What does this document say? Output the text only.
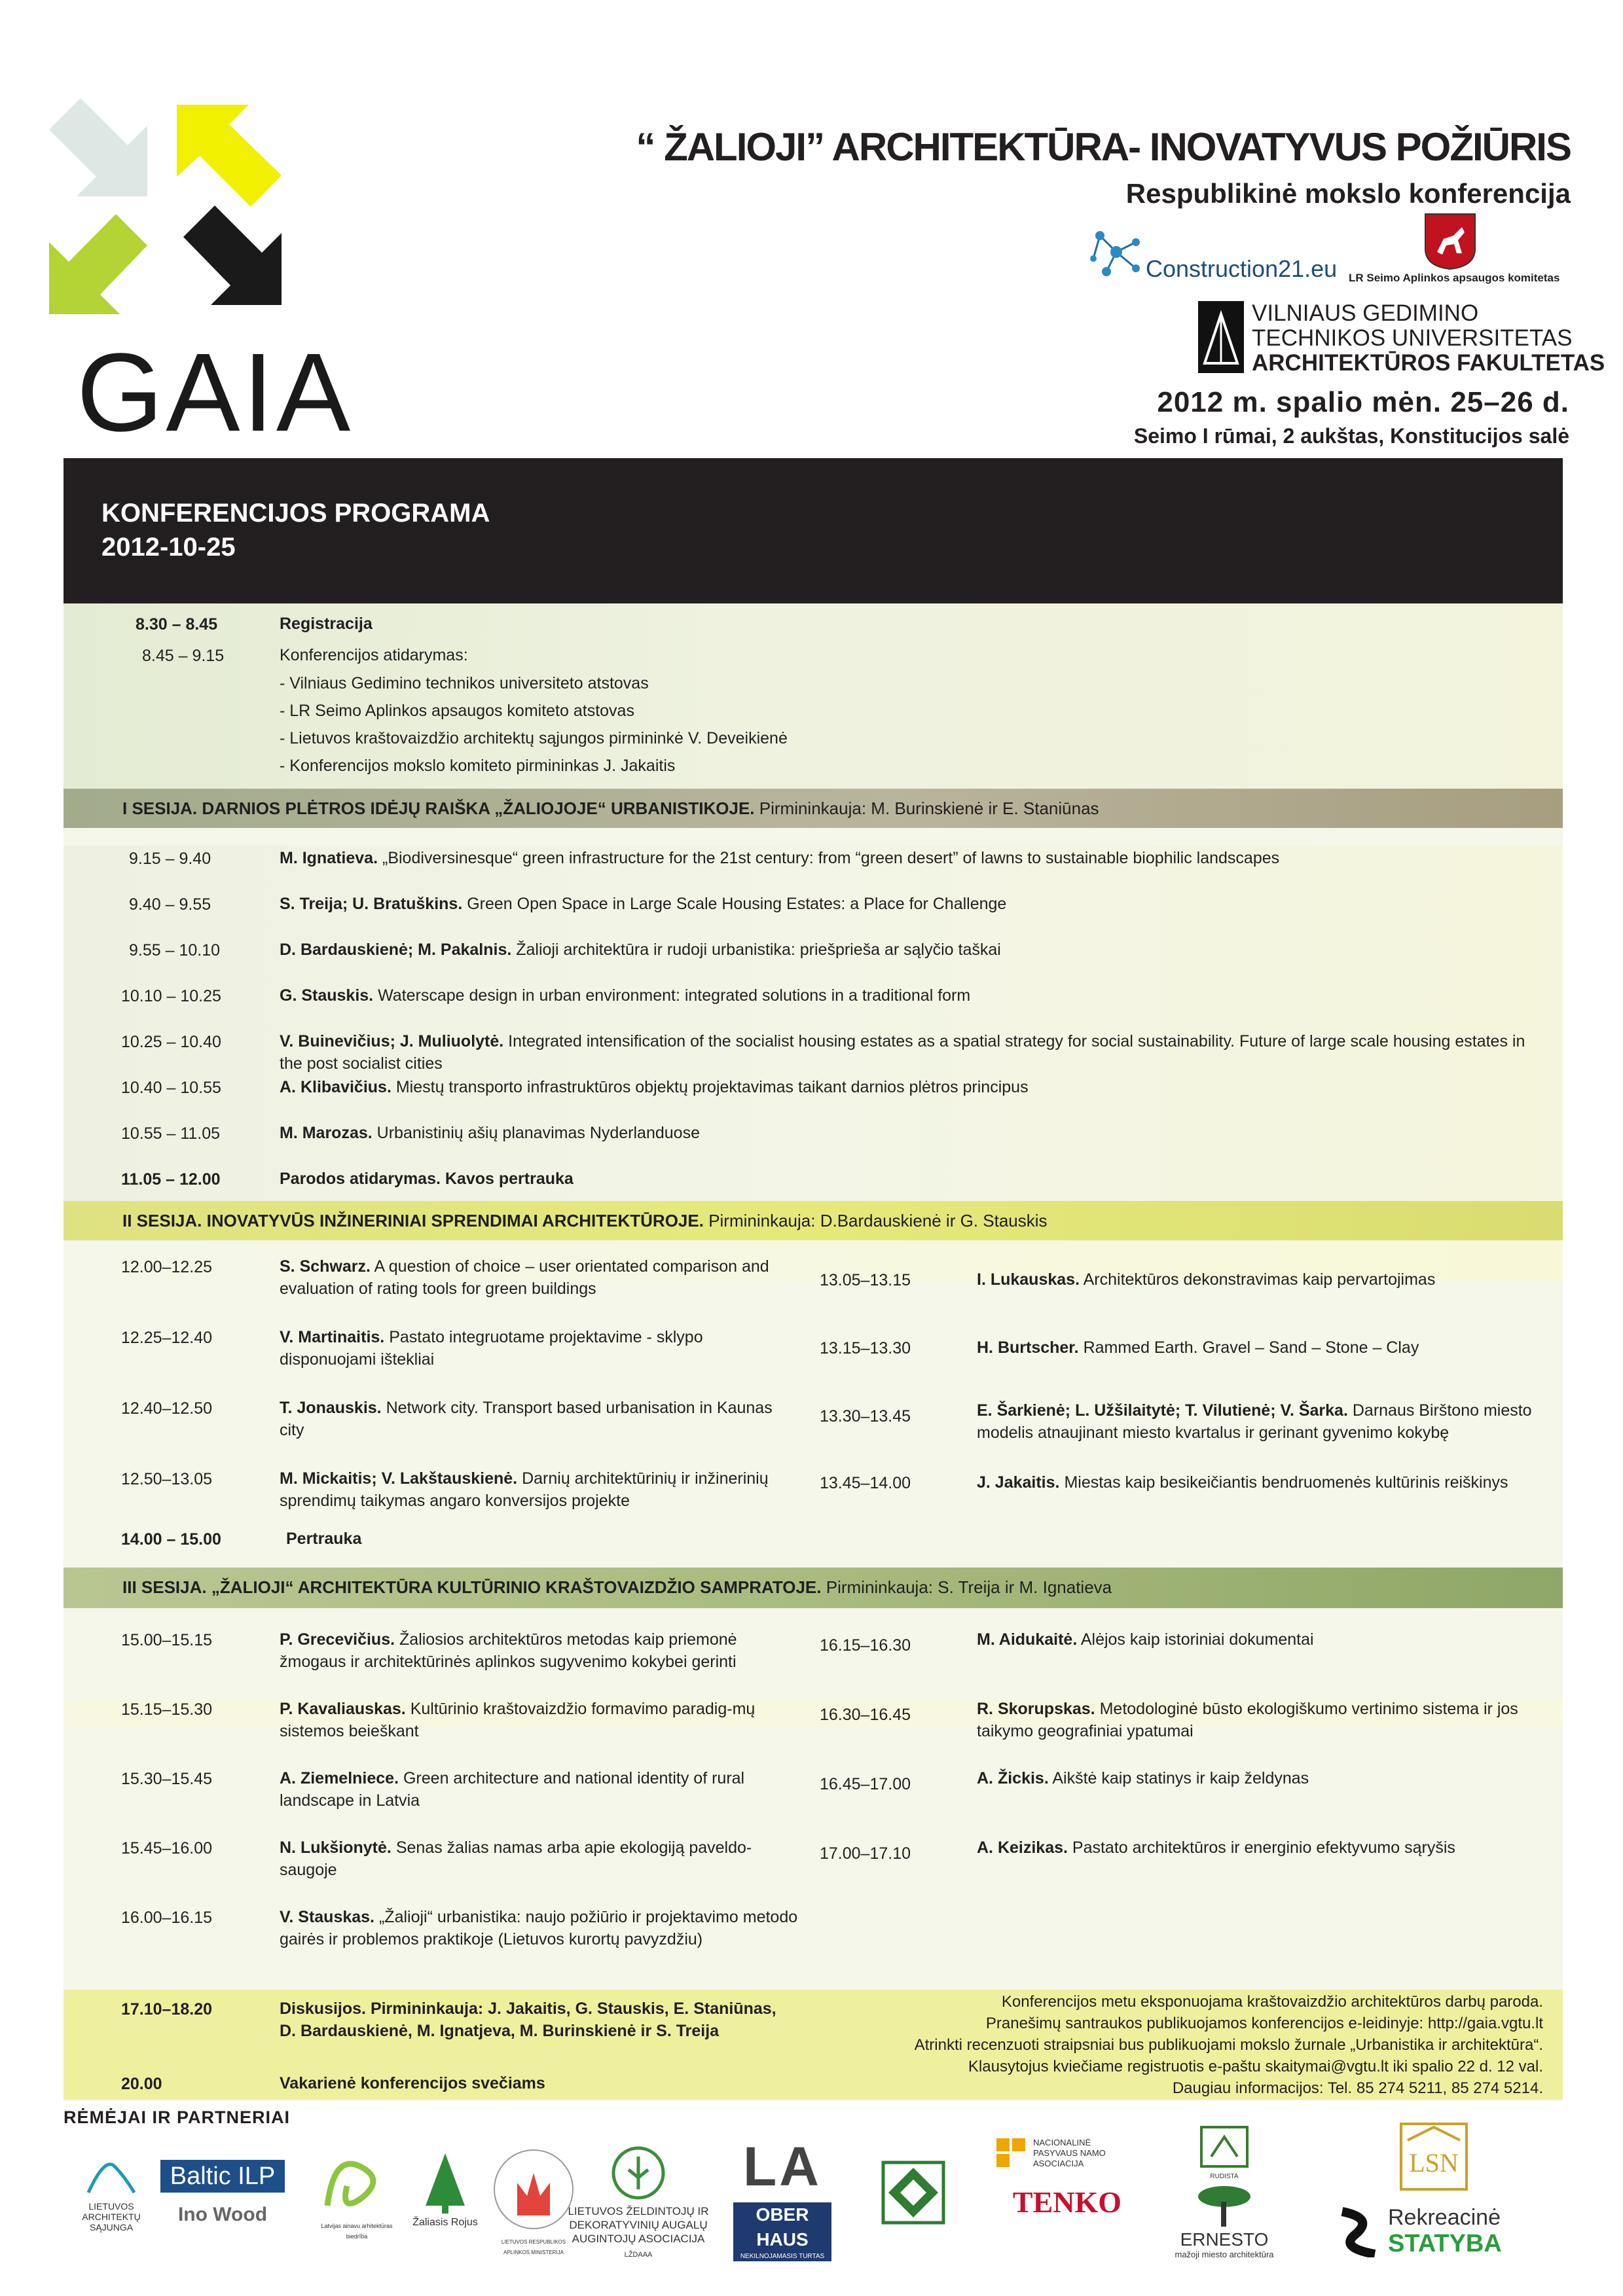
GAIA
“ ŽALIOJI” ARCHITEKTŪRA- INOVATYVUS POŽIŪRIS
Respublikinė mokslo konferencija
Construction21.eu LR Seimo Aplinkos apsaugos komitetas
VILNIAUS GEDIMINO
TECHNIKOS UNIVERSITETAS
ARCHITEKTŪROS FAKULTETAS
2012 m. spalio mėn. 25–26 d.
Seimo I rūmai, 2 aukštas, Konstitucijos salė
KONFERENCIJOS PROGRAMA
2012-10-25
8.30 – 8.45	Registracija
8.45 – 9.15	Konferencijos atidarymas:
- Vilniaus Gedimino technikos universiteto atstovas
- LR Seimo Aplinkos apsaugos komiteto atstovas
- Lietuvos kraštovaizdžio architektų sąjungos pirmininkė V. Deveikienė
- Konferencijos mokslo komiteto pirmininkas J. Jakaitis
I SESIJA. DARNIOS PLĖTROS IDĖJŲ RAIŠKA „ŽALIOJOJE“ URBANISTIKOJE. Pirmininkauja: M. Burinskienė ir E. Staniūnas
9.15 – 9.40	M. Ignatieva. „Biodiversinesque“ green infrastructure for the 21st century: from “green desert” of lawns to sustainable biophilic landscapes
9.40 – 9.55	S. Treija; U. Bratuškins. Green Open Space in Large Scale Housing Estates: a Place for Challenge
9.55 – 10.10	D. Bardauskienė; M. Pakalnis. Žalioji architektūra ir rudoji urbanistika: priešpriešа ar sąlyčio taškai
10.10 – 10.25	G. Stauskis. Waterscape design in urban environment: integrated solutions in a traditional form
10.25 – 10.40	V. Buinevičius; J. Muliuolytė. Integrated intensification of the socialist housing estates as a spatial strategy for social sustainability. Future of large scale housing estates in the post socialist cities
10.40 – 10.55	A. Klibavičius. Miestų transporto infrastruktūros objektų projektavimas taikant darnios plėtros principus
10.55 – 11.05	M. Marozas. Urbanistinių ašių planavimas Nyderlanduose
11.05 – 12.00	Parodos atidarymas. Kavos pertrauka
II SESIJA. INOVATYVŪS INŽINERINIAI SPRENDIMAI ARCHITEKTŪROJE. Pirmininkauja: D.Bardauskienė ir G. Stauskis
12.00–12.25	S. Schwarz. A question of choice – user orientated comparison and evaluation of rating tools for green buildings
12.25–12.40	V. Martinaitis. Pastato integruotame projektavime - sklypo disponuojami ištekliai
12.40–12.50	T. Jonauskis. Network city. Transport based urbanisation in Kaunas city
12.50–13.05	M. Mickaitis; V. Lakštauskienė. Darnių architektūrinių ir inžinerinių sprendimų taikymas angaro konversijos projekte
13.05–13.15	I. Lukauskas. Architektūros dekonstravimas kaip pervartojimas
13.15–13.30	H. Burtscher. Rammed Earth. Gravel – Sand – Stone – Clay
13.30–13.45	E. Šarkienė; L. Užšilaitytė; T. Vilutienė; V. Šarka. Darnaus Birštono miesto modelis atnaujinant miesto kvartalus ir gerinant gyvenimo kokybę
13.45–14.00	J. Jakaitis. Miestas kaip besikeičiantis bendruomenės kultūrinis reiškinys
14.00 – 15.00	Pertrauka
III SESIJA. „ŽALIOJI“ ARCHITEKTŪRA KULTŪRINIO KRAŠTOVAIZDŽIO SAMPRATOJE. Pirmininkauja: S. Treija ir M. Ignatieva
15.00–15.15	P. Grecevičius. Žaliosios architektūros metodas kaip priemonė žmogaus ir architektūrinės aplinkos sugyvenimo kokybei gerinti
15.15–15.30	P. Kavaliauskas. Kultūrinio kraštovaizdžio formavimo paradig-mų sistemos beieškant
15.30–15.45	A. Ziemelniece. Green architecture and national identity of rural landscape in Latvia
15.45–16.00	N. Lukšionytė. Senas žalias namas arba apie ekologiją paveldo-saugoje
16.00–16.15	V. Stauskas. „Žalioji“ urbanistika: naujo požiūrio ir projektavimo metodo gairės ir problemos praktikoje (Lietuvos kurortų pavyzdžiu)
16.15–16.30	M. Aidukaitė. Alėjos kaip istoriniai dokumentai
16.30–16.45	R. Skorupskas. Metodologinė būsto ekologiškumo vertinimo sistema ir jos taikymo geografiniai ypatumai
16.45–17.00	A. Žickis. Aikštė kaip statinys ir kaip želdynas
17.00–17.10	A. Keizikas. Pastato architektūros ir energinio efektyvumo sąryšis
17.10–18.20	Diskusijos. Pirmininkauja: J. Jakaitis, G. Stauskis, E. Staniūnas, D. Bardauskienė, M. Ignatjeva, M. Burinskienė ir S. Treija
20.00	Vakarienė konferencijos svečiams
Konferencijos metu eksponuojama kraštovaizdžio architektūros darbų paroda.
Pranešimų santraukos publikuojamos konferencijos e-leidinyje: http://gaia.vgtu.lt
Atrinkti recenzuoti straipsniai bus publikuojami mokslo žurnale „Urbanistika ir architektūra“.
Klausytojus kviečiame registruotis e-paštu skaitymai@vgtu.lt iki spalio 22 d. 12 val.
Daugiau informacijos: Tel. 85 274 5211, 85 274 5214.
RĖMĖJAI IR PARTNERIAI
LIETUVOS ARCHITEKTŲ SĄJUNGA
Baltic ILP
Ino Wood
Latvijas ainavu arhitektūras biedrība
Žaliasis Rojus
LIETUVOS RESPUBLIKOS APLINKOS MINISTERIJA
LIETUVOS ŽELDINTOJŲ IR DEKORATYVINIŲ AUGALŲ AUGINTOJŲ ASOCIACIJA
LŽDAAA
LA
OBER HAUS
NEKILNOJAMASIS TURTAS
NACIONALINĖ PASYVAUS NAMO ASOCIACIJA
TENKO
RUDISTA
ERNESTO
mažoji miesto architektūra
LSN
Rekreacinė
STATYBA
